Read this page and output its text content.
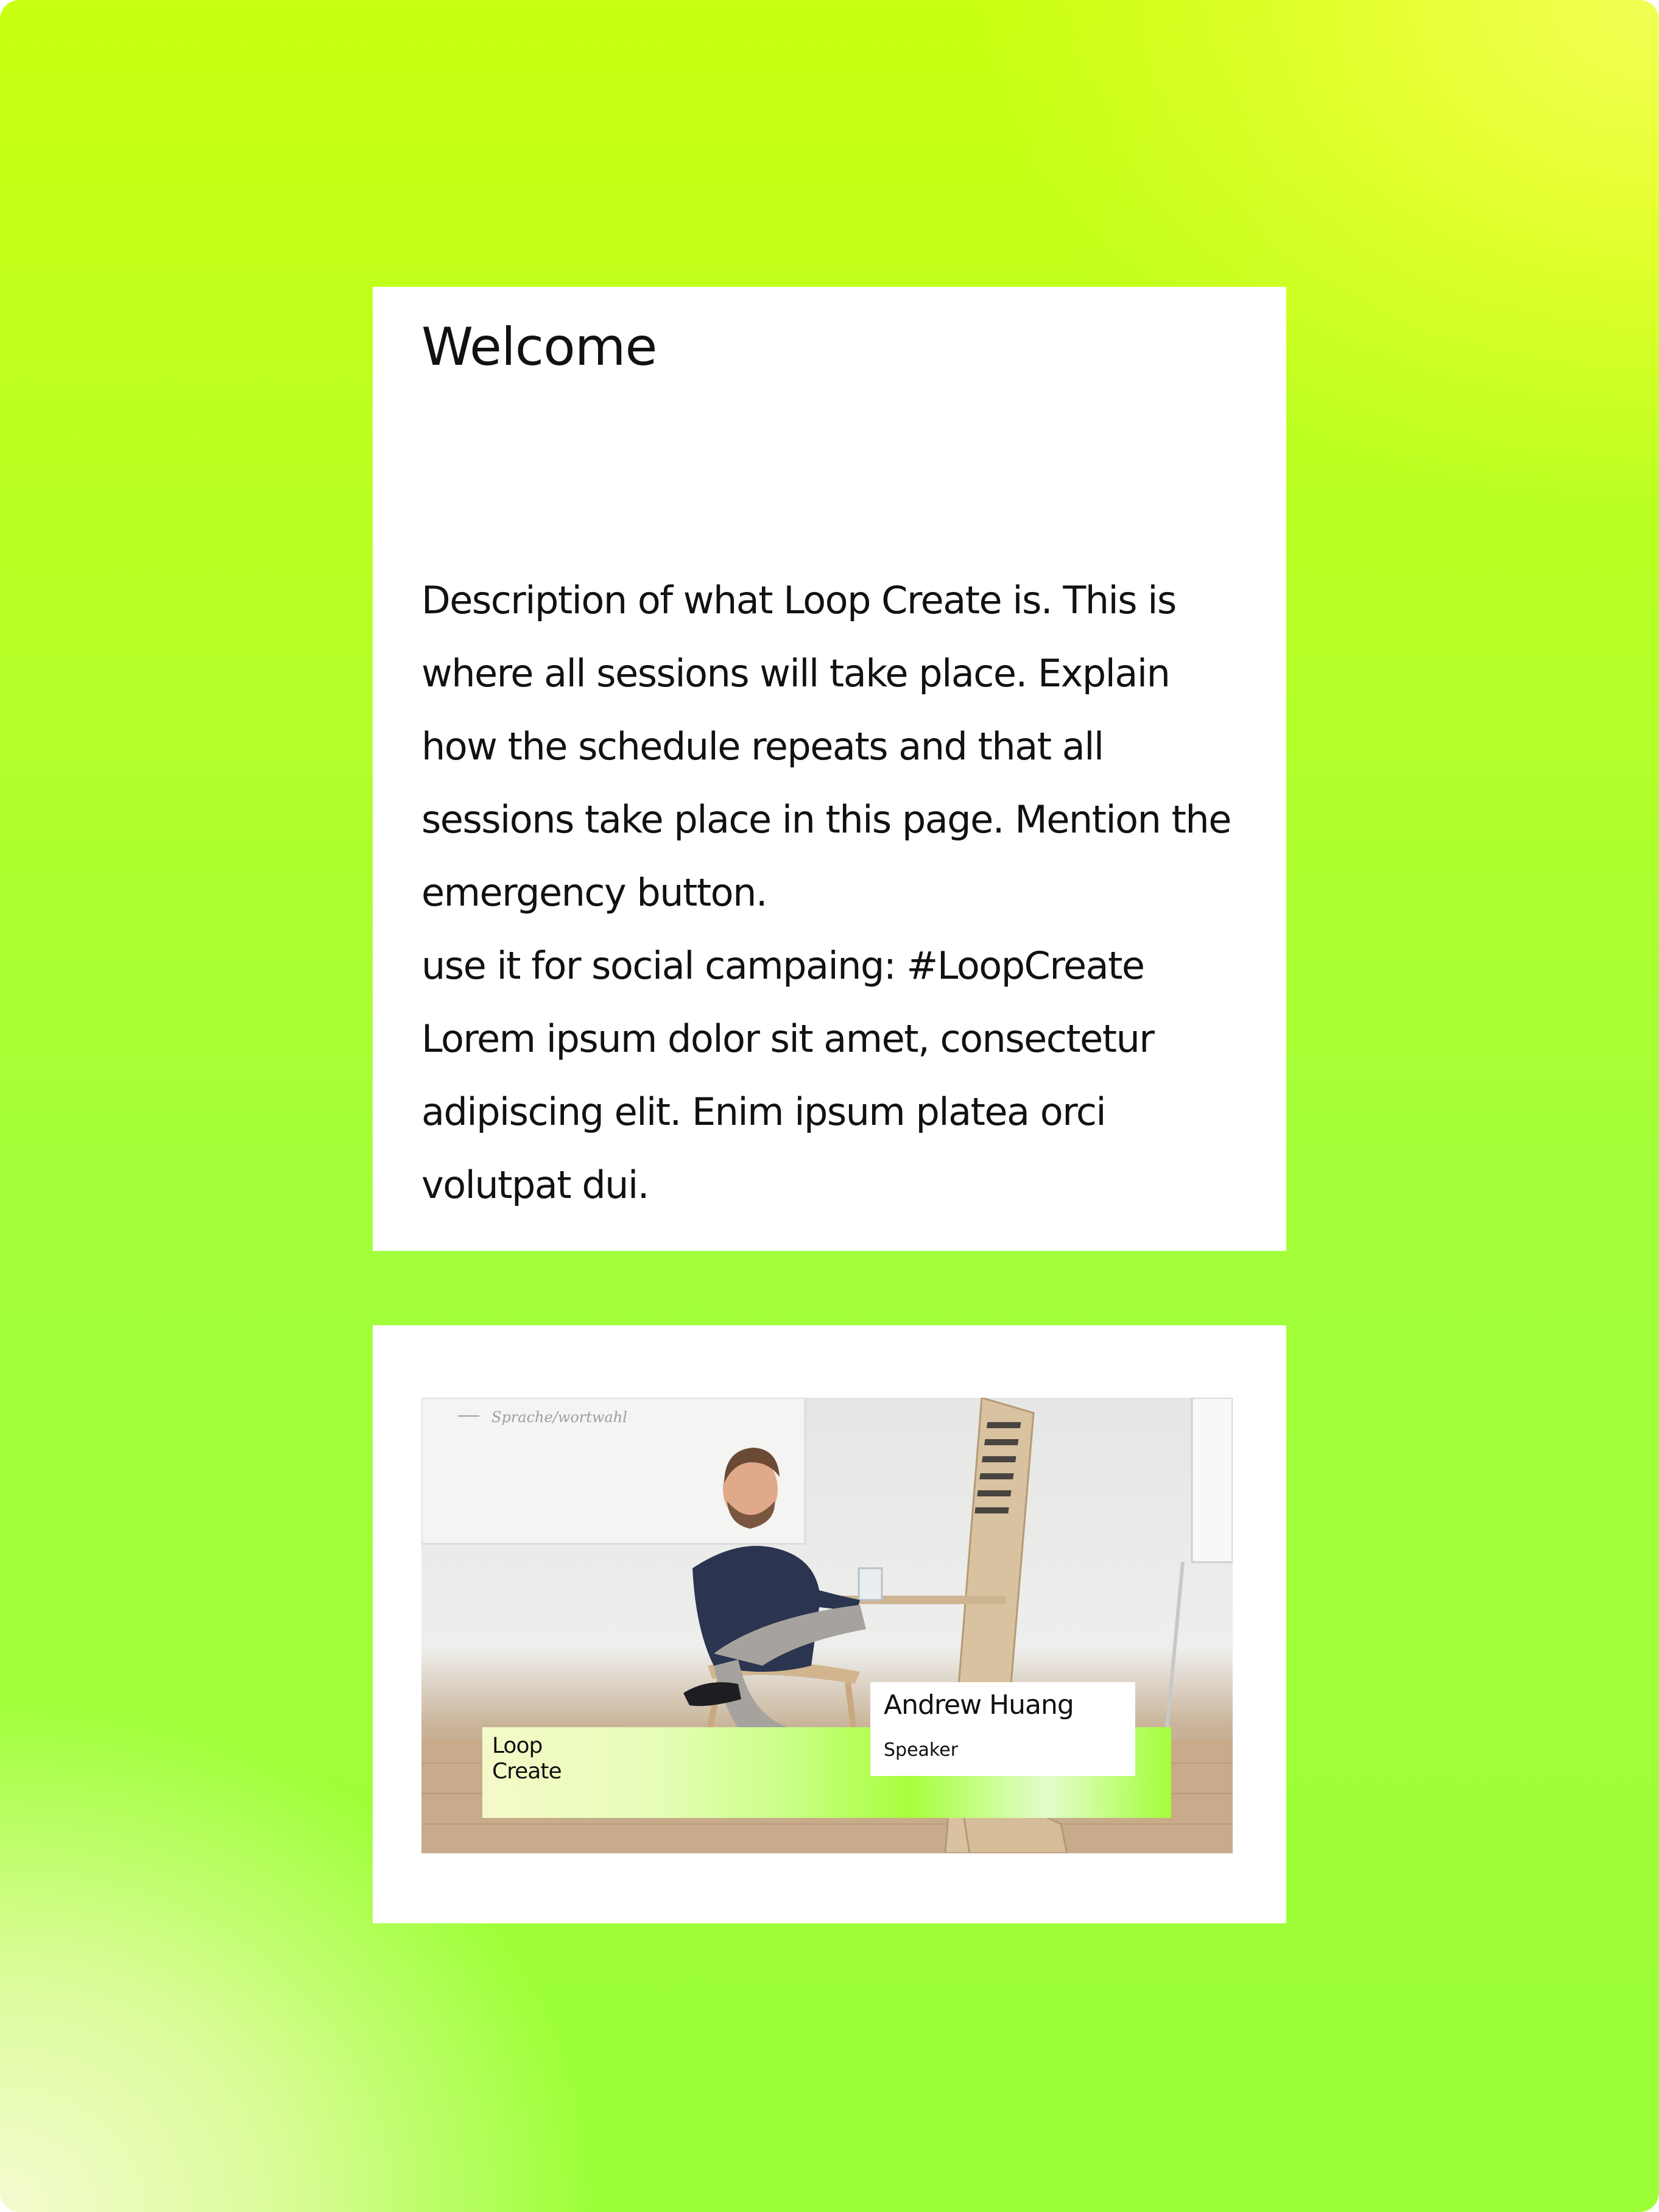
Welcome

Description of what Loop Create is. This is where all sessions will take place. Explain how the schedule repeats and that all sessions take place in this page. Mention the emergency button.
use it for social campaing: #LoopCreate Lorem ipsum dolor sit amet, consectetur adipiscing elit. Enim ipsum platea orci volutpat dui.

Sprache/wortwahl

Loop
Create

Andrew Huang

Speaker
